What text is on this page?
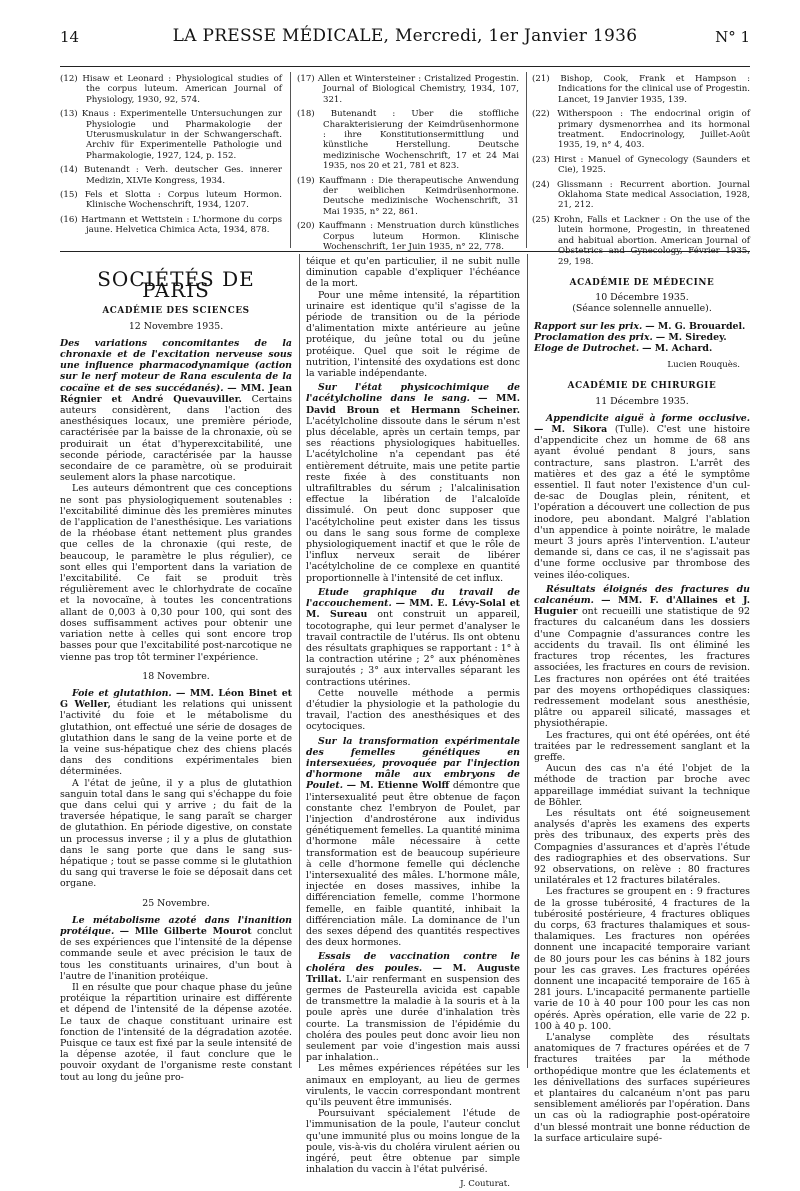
14	LA PRESSE MÉDICALE, Mercredi, 1er Janvier 1936	N° 1
(12) Hisaw et Leonard : Physiological studies of the corpus luteum. American Journal of Physiology, 1930, 92, 574.
(13) Knaus : Experimentelle Untersuchungen zur Physiologie und Pharmakologie der Uterusmuskulatur in der Schwangerschaft. Archiv für Experimentelle Pathologie und Pharmakologie, 1927, 124, p. 152.
(14) Butenandt : Verh. deutscher Ges. innerer Medizin, XLVIe Kongress, 1934.
(15) Fels et Slotta : Corpus luteum Hormon. Klinische Wochenschrift, 1934, 1207.
(16) Hartmann et Wettstein : L'hormone du corps jaune. Helvetica Chimica Acta, 1934, 878.
(17) Allen et Wintersteiner : Cristalized Progestin. Journal of Biological Chemistry, 1934, 107, 321.
(18) Butenandt : Uber die stoffliche Charakterisierung der Keimdrüsenhormone : ihre Konstitutionsermittlung und künstliche Herstellung. Deutsche medizinische Wochenschrift, 17 et 24 Mai 1935, nos 20 et 21, 781 et 823.
(19) Kauffmann : Die therapeutische Anwendung der weiblichen Keimdrüsenhormone. Deutsche medizinische Wochenschrift, 31 Mai 1935, n° 22, 861.
(20) Kauffmann : Menstruation durch künstliches Corpus luteum Hormon. Klinische Wochenschrift, 1er Juin 1935, n° 22, 778.
(21) Bishop, Cook, Frank et Hampson : Indications for the clinical use of Progestin. Lancet, 19 Janvier 1935, 139.
(22) Witherspoon : The endocrinal origin of primary dysmenorrhea and its hormonal treatment. Endocrinology, Juillet-Août 1935, 19, n° 4, 403.
(23) Hirst : Manuel of Gynecology (Saunders et Cie), 1925.
(24) Glissmann : Recurrent abortion. Journal Oklahoma State medical Association, 1928, 21, 212.
(25) Krohn, Falls et Lackner : On the use of the lutein hormone, Progestin, in threatened and habitual abortion. American Journal of Obstetrics and Gynecology, Février 1935, 29, 198.
SOCIÉTÉS DE PARIS
ACADÉMIE DES SCIENCES
12 Novembre 1935.

Des variations concomitantes de la chronaxie et de l'excitation nerveuse sous une influence pharmacodynamique (action sur le nerf moteur de Rana esculenta de la cocaïne et de ses succédanés). — MM. Jean Régnier et André Quevauviller. Certains auteurs considèrent, dans l'action des anesthésiques locaux, une première période, caractérisée par la baisse de la chronaxie, où se produirait un état d'hyperexcitabilité, une seconde période, caractérisée par la hausse secondaire de ce paramètre, où se produirait seulement alors la phase narcotique.

Les auteurs démontrent que ces conceptions ne sont pas physiologiquement soutenables : l'excitabilité diminue dès les premières minutes de l'application de l'anesthésique. Les variations de la rhéobase étant nettement plus grandes que celles de la chronaxie (qui reste, de beaucoup, le paramètre le plus régulier), ce sont elles qui l'emportent dans la variation de l'excitabilité. Ce fait se produit très régulièrement avec le chlorhydrate de cocaïne et la novocaïne, à toutes les concentrations allant de 0,003 à 0,30 pour 100, qui sont des doses suffisamment actives pour obtenir une variation nette à celles qui sont encore trop basses pour que l'excitabilité post-narcotique ne vienne pas trop tôt terminer l'expérience.

18 Novembre.

Foie et glutathion. — MM. Léon Binet et G Weller, étudiant les relations qui unissent l'activité du foie et le métabolisme du glutathion, ont effectué une série de dosages de glutathion dans le sang de la veine porte et de la veine sus-hépatique chez des chiens placés dans des conditions expérimentales bien déterminées.

A l'état de jeûne, il y a plus de glutathion sanguin total dans le sang qui s'échappe du foie que dans celui qui y arrive ; du fait de la traversée hépatique, le sang paraît se charger de glutathion. En période digestive, on constate un processus inverse ; il y a plus de glutathion dans le sang porte que dans le sang sus-hépatique ; tout se passe comme si le glutathion du sang qui traverse le foie se déposait dans cet organe.

25 Novembre.

Le métabolisme azoté dans l'inanition protéique. — Mlle Gilberte Mourot conclut de ses expériences que l'intensité de la dépense commande seule et avec précision le taux de tous les constituants urinaires, d'un bout à l'autre de l'inanition protéique.

Il en résulte que pour chaque phase du jeûne protéique la répartition urinaire est différente et dépend de l'intensité de la dépense azotée. Le taux de chaque constituant urinaire est fonction de l'intensité de la dégradation azotée. Puisque ce taux est fixé par la seule intensité de la dépense azotée, il faut conclure que le pouvoir oxydant de l'organisme reste constant tout au long du jeûne pro-

téique et qu'en particulier, il ne subit nulle diminution capable d'expliquer l'échéance de la mort.

Pour une même intensité, la répartition urinaire est identique qu'il s'agisse de la période de transition ou de la période d'alimentation mixte antérieure au jeûne protéique, du jeûne total ou du jeûne protéique. Quel que soit le régime de nutrition, l'intensité des oxydations est donc la variable indépendante.

Sur l'état physicochimique de l'acétylcholine dans le sang. — MM. David Broun et Hermann Scheiner. L'acétylcholine dissoute dans le sérum n'est plus décelable, après un certain temps, par ses réactions physiologiques habituelles. L'acétylcholine n'a cependant pas été entièrement détruite, mais une petite partie reste fixée à des constituants non ultrafiltrables du sérum ; l'alcalinisation effectue la libération de l'alcaloïde dissimulé. On peut donc supposer que l'acétylcholine peut exister dans les tissus ou dans le sang sous forme de complexe physiologiquement inactif et que le rôle de l'influx nerveux serait de libérer l'acétylcholine de ce complexe en quantité proportionnelle à l'intensité de cet influx.

Etude graphique du travail de l'accouchement. — MM. E. Lévy-Solal et M. Sureau ont construit un appareil, tocotographe, qui leur permet d'analyser le travail contractile de l'utérus. Ils ont obtenu des résultats graphiques se rapportant : 1° à la contraction utérine ; 2° aux phénomènes surajoutés ; 3° aux intervalles séparant les contractions utérines.

Cette nouvelle méthode a permis d'étudier la physiologie et la pathologie du travail, l'action des anesthésiques et des ocytociques.

Sur la transformation expérimentale des femelles génétiques en intersexuées, provoquée par l'injection d'hormone mâle aux embryons de Poulet. — M. Etienne Wolff démontre que l'intersexualité peut être obtenue de façon constante chez l'embryon de Poulet, par l'injection d'androstérone aux individus génétiquement femelles. La quantité minima d'hormone mâle nécessaire à cette transformation est de beaucoup supérieure à celle d'hormone femelle qui déclenche l'intersexualité des mâles. L'hormone mâle, injectée en doses massives, inhibe la différenciation femelle, comme l'hormone femelle, en faible quantité, inhibait la différenciation mâle. La dominance de l'un des sexes dépend des quantités respectives des deux hormones.

Essais de vaccination contre le choléra des poules. — M. Auguste Trillat. L'air renfermant en suspension des germes de Pasteurella avicida est capable de transmettre la maladie à la souris et à la poule après une durée d'inhalation très courte. La transmission de l'épidémie du choléra des poules peut donc avoir lieu non seulement par voie d'ingestion mais aussi par inhalation..

Les mêmes expériences répétées sur les animaux en employant, au lieu de germes virulents, le vaccin correspondant montrent qu'ils peuvent être immunisés.

Poursuivant spécialement l'étude de l'immunisation de la poule, l'auteur conclut qu'une immunité plus ou moins longue de la poule, vis-à-vis du choléra virulent aérien ou ingéré, peut être obtenue par simple inhalation du vaccin à l'état pulvérisé.

J. Couturat.
ACADÉMIE DE MÉDECINE
10 Décembre 1935.
(Séance solennelle annuelle).

Rapport sur les prix. — M. G. Brouardel.

Proclamation des prix. — M. Siredey.

Eloge de Dutrochet. — M. Achard.

Lucien Rouquès.
ACADÉMIE DE CHIRURGIE
11 Décembre 1935.

Appendicite aiguë à forme occlusive. — M. Sikora (Tulle). C'est une histoire d'appendicite chez un homme de 68 ans ayant évolué pendant 8 jours, sans contracture, sans plastron. L'arrêt des matières et des gaz a été le symptôme essentiel. Il faut noter l'existence d'un cul-de-sac de Douglas plein, rénitent, et l'opération a découvert une collection de pus inodore, peu abondant. Malgré l'ablation d'un appendice à pointe noirâtre, le malade meurt 3 jours après l'intervention. L'auteur demande si, dans ce cas, il ne s'agissait pas d'une forme occlusive par thrombose des veines iléo-coliques.

Résultats éloignés des fractures du calcanéum. — MM. F. d'Allaines et J. Huguier ont recueilli une statistique de 92 fractures du calcanéum dans les dossiers d'une Compagnie d'assurances contre les accidents du travail. Ils ont éliminé les fractures trop récentes, les fractures associées, les fractures en cours de revision. Les fractures non opérées ont été traitées par des moyens orthopédiques classiques: redressement modelant sous anesthésie, plâtre ou appareil silicaté, massages et physiothérapie.

Les fractures, qui ont été opérées, ont été traitées par le redressement sanglant et la greffe.

Aucun des cas n'a été l'objet de la méthode de traction par broche avec appareillage immédiat suivant la technique de Böhler.

Les résultats ont été soigneusement analysés d'après les examens des experts près des tribunaux, des experts près des Compagnies d'assurances et d'après l'étude des radiographies et des observations. Sur 92 observations, on relève : 80 fractures unilatérales et 12 fractures bilatérales.

Les fractures se groupent en : 9 fractures de la grosse tubérosité, 4 fractures de la tubérosité postérieure, 4 fractures obliques du corps, 63 fractures thalamiques et sous-thalamiques. Les fractures non opérées donnent une incapacité temporaire variant de 80 jours pour les cas bénins à 182 jours pour les cas graves. Les fractures opérées donnent une incapacité temporaire de 165 à 281 jours. L'incapacité permanente partielle varie de 10 à 40 pour 100 pour les cas non opérés. Après opération, elle varie de 22 p. 100 à 40 p. 100.

L'analyse complète des résultats anatomiques de 7 fractures opérées et de 7 fractures traitées par la méthode orthopédique montre que les éclatements et les dénivellations des surfaces supérieures et plantaires du calcanéum n'ont pas paru sensiblement améliorés par l'opération. Dans un cas où la radiographie post-opératoire d'un blessé montrait une bonne réduction de la surface articulaire supé-
